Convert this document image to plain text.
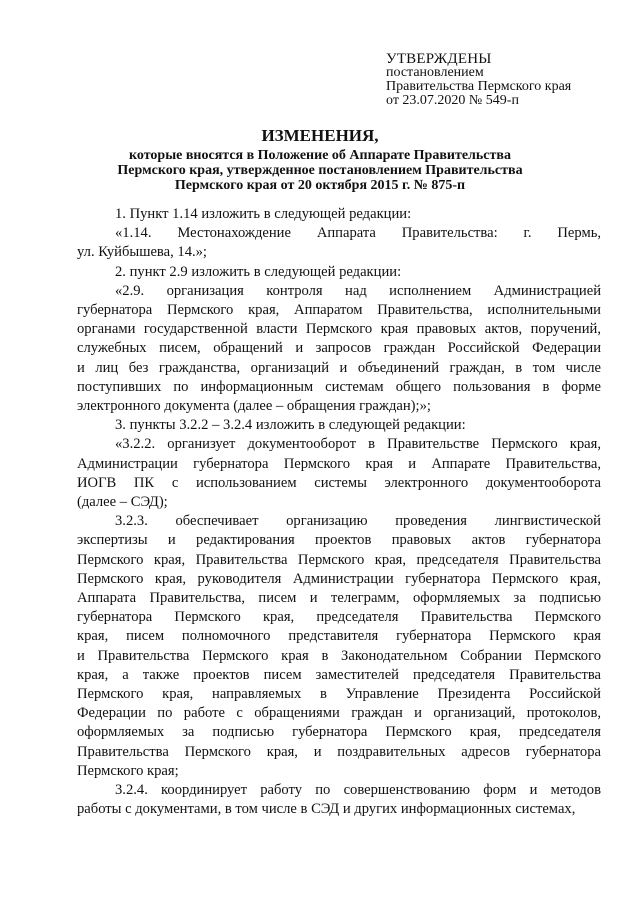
УТВЕРЖДЕНЫ
постановлением
Правительства Пермского края
от 23.07.2020 № 549-п
ИЗМЕНЕНИЯ,
которые вносятся в Положение об Аппарате Правительства
Пермского края, утвержденное постановлением Правительства
Пермского края от 20 октября 2015 г. № 875-п
1. Пункт 1.14 изложить в следующей редакции:
«1.14. Местонахождение Аппарата Правительства: г. Пермь,
ул. Куйбышева, 14.»;
2. пункт 2.9 изложить в следующей редакции:
«2.9. организация контроля над исполнением Администрацией
губернатора Пермского края, Аппаратом Правительства, исполнительными
органами государственной власти Пермского края правовых актов, поручений,
служебных писем, обращений и запросов граждан Российской Федерации
и лиц без гражданства, организаций и объединений граждан, в том числе
поступивших по информационным системам общего пользования в форме
электронного документа (далее – обращения граждан);»;
3. пункты 3.2.2 – 3.2.4 изложить в следующей редакции:
«3.2.2. организует документооборот в Правительстве Пермского края,
Администрации губернатора Пермского края и Аппарате Правительства,
ИОГВ ПК с использованием системы электронного документооборота
(далее – СЭД);
3.2.3. обеспечивает организацию проведения лингвистической
экспертизы и редактирования проектов правовых актов губернатора
Пермского края, Правительства Пермского края, председателя Правительства
Пермского края, руководителя Администрации губернатора Пермского края,
Аппарата Правительства, писем и телеграмм, оформляемых за подписью
губернатора Пермского края, председателя Правительства Пермского
края, писем полномочного представителя губернатора Пермского края
и Правительства Пермского края в Законодательном Собрании Пермского
края, а также проектов писем заместителей председателя Правительства
Пермского края, направляемых в Управление Президента Российской
Федерации по работе с обращениями граждан и организаций, протоколов,
оформляемых за подписью губернатора Пермского края, председателя
Правительства Пермского края, и поздравительных адресов губернатора
Пермского края;
3.2.4. координирует работу по совершенствованию форм и методов
работы с документами, в том числе в СЭД и других информационных системах,
